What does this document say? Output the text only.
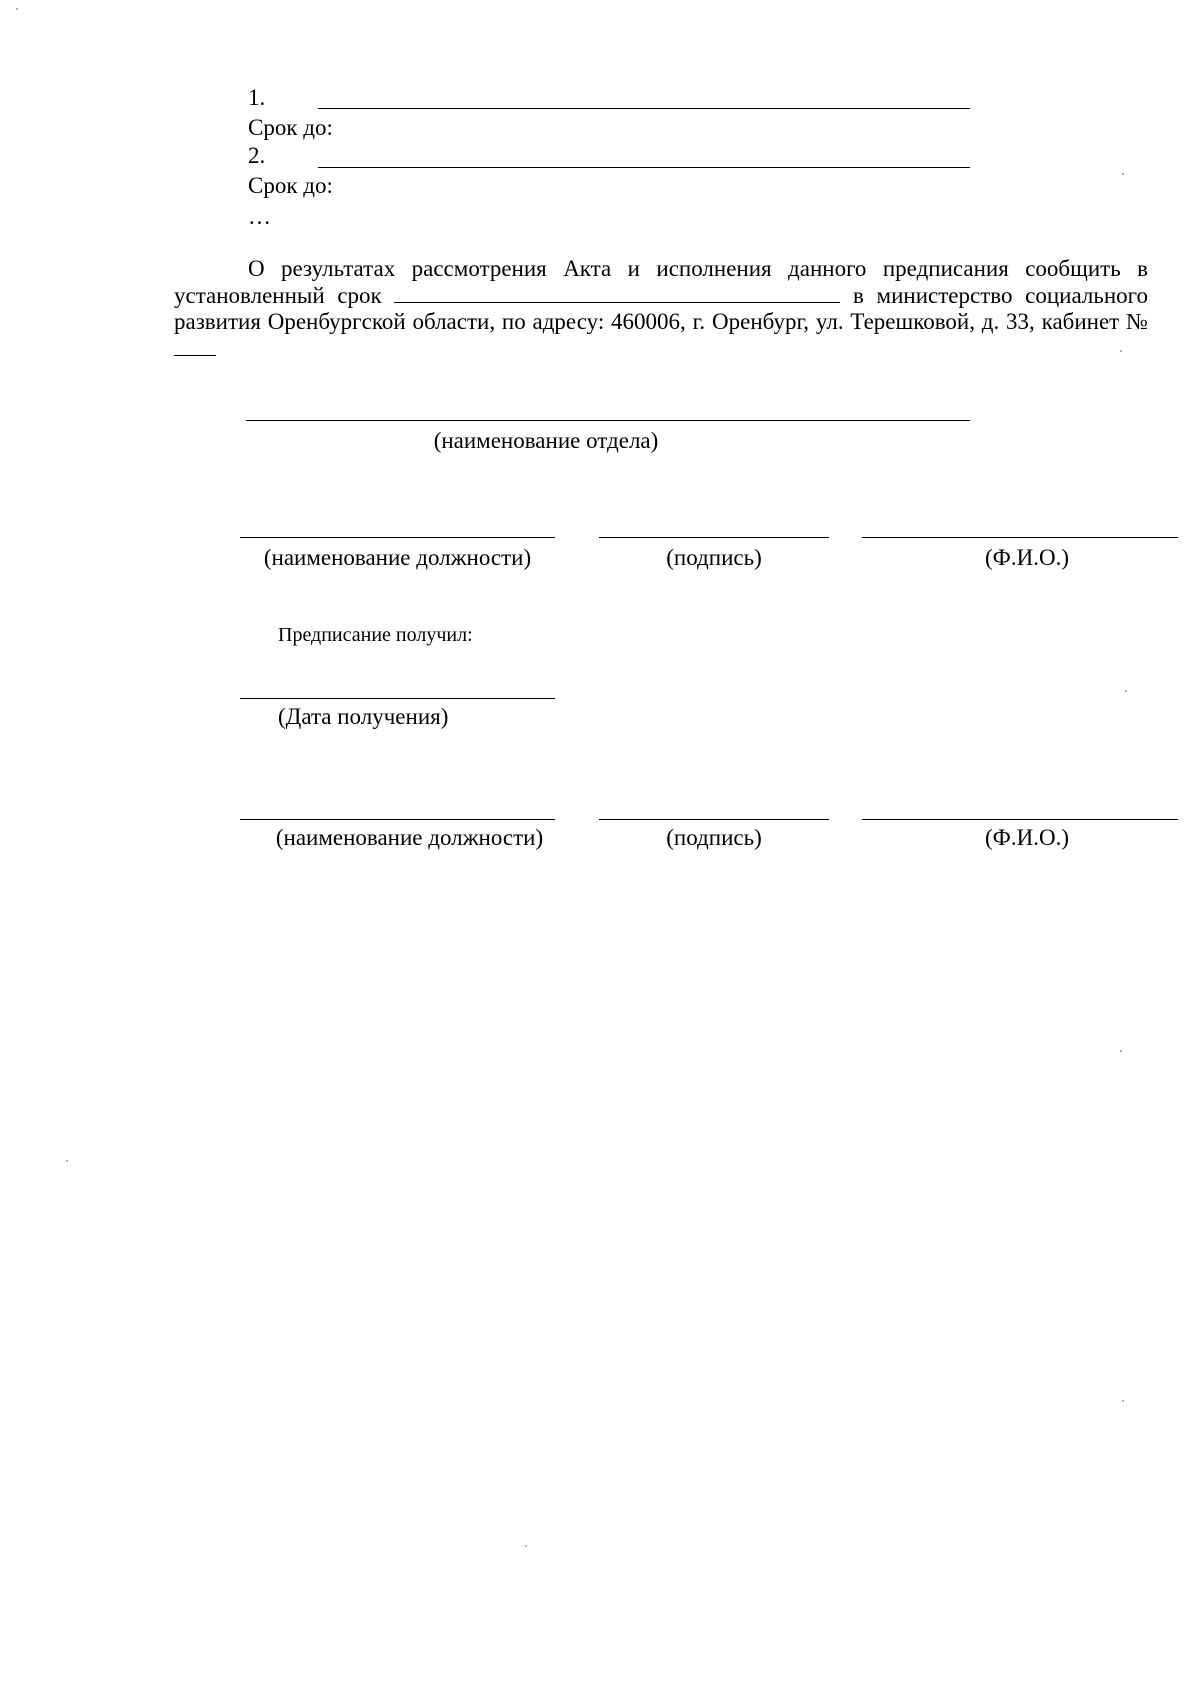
1.
Срок до:
2.
Срок до:
…
О результатах рассмотрения Акта и исполнения данного предписания сообщить в установленный срок	в министерство социального развития Оренбургской области, по адресу: 460006, г. Оренбург, ул. Терешковой, д. 33, кабинет №
(наименование отдела)
(наименование должности)	(подпись)	(Ф.И.О.)
Предписание получил:
(Дата получения)
(наименование должности)	(подпись)	(Ф.И.О.)
